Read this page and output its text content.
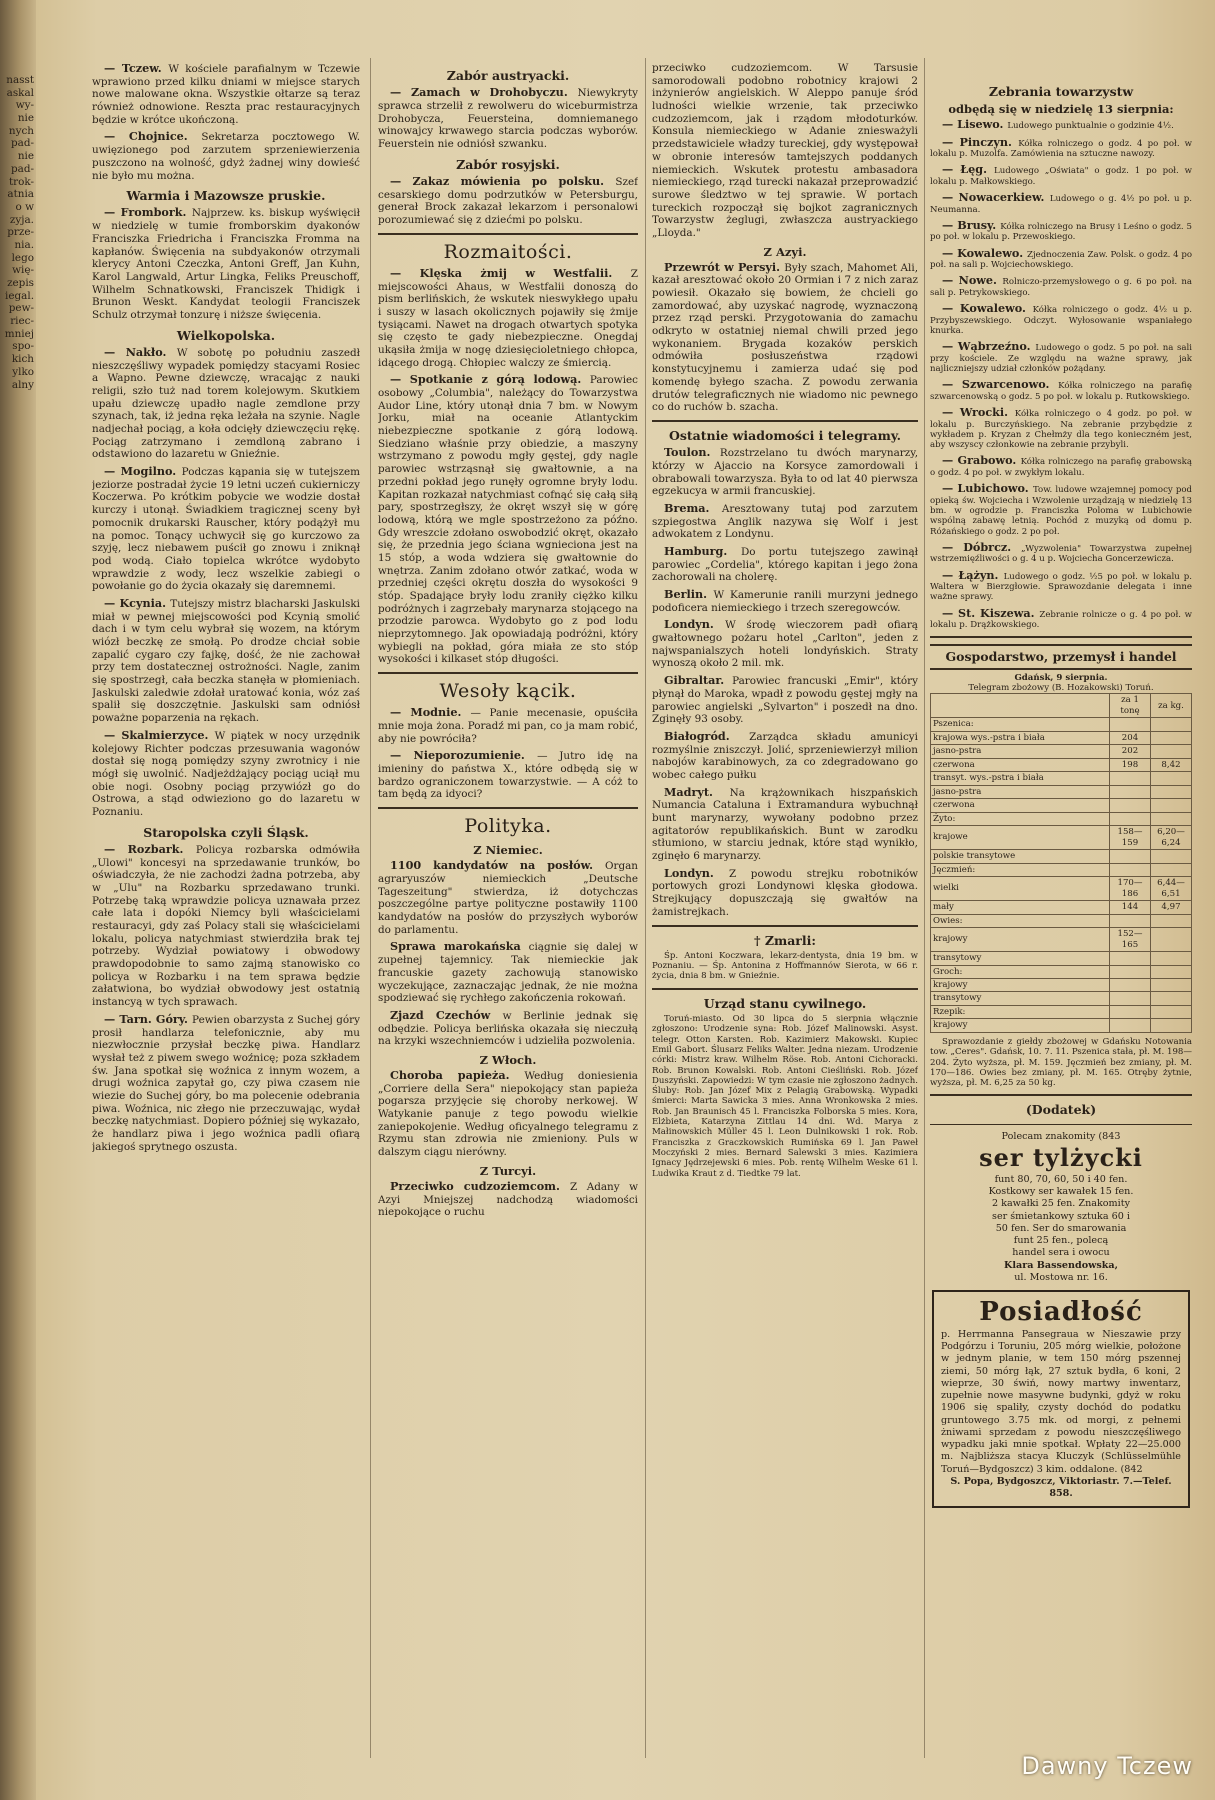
nasst
askal
wy-
nie
nych
pad-
nie
pad-
trok-
atnia
o w
zyja.
prze-
nia.
lego
wię-
zepis
iegal.
pew-
riec-
mniej
spo-
kich
ylko
alny
— Tczew. W kościele parafialnym w Tczewie wprawiono przed kilku dniami w miejsce starych nowe malowane okna. Wszystkie ołtarze są teraz również odnowione. Reszta prac restauracyjnych będzie w krótce ukończoną.
— Chojnice. Sekretarza pocztowego W. uwięzionego pod zarzutem sprzeniewierzenia puszczono na wolność, gdyż żadnej winy dowieść nie było mu można.
Warmia i Mazowsze pruskie.
— Frombork. Najprzew. ks. biskup wyświęcił w niedzielę w tumie fromborskim dyakonów Franciszka Friedricha i Franciszka Fromma na kapłanów. Święcenia na subdyakonów otrzymali klerycy Antoni Czeczka, Antoni Greff, Jan Kuhn, Karol Langwald, Artur Lingka, Feliks Preuschoff, Wilhelm Schnatkowski, Franciszek Thidigk i Brunon Weskt. Kandydat teologii Franciszek Schulz otrzymał tonzurę i niższe święcenia.
Wielkopolska.
— Nakło. W sobotę po południu zaszedł nieszczęśliwy wypadek pomiędzy stacyami Rosiec a Wapno. Pewne dziewczę, wracając z nauki religii, szło tuż nad torem kolejowym. Skutkiem upału dziewczę upadło nagle zemdlone przy szynach, tak, iż jedna ręka leżała na szynie. Nagle nadjechał pociąg, a koła odcięły dziewczęciu rękę. Pociąg zatrzymano i zemdloną zabrano i odstawiono do lazaretu w Gnieźnie.
— Mogilno. Podczas kąpania się w tutejszem jeziorze postradał życie 19 letni uczeń cukierniczy Koczerwa. Po krótkim pobycie we wodzie dostał kurczy i utonął. Świadkiem tragicznej sceny był pomocnik drukarski Rauscher, który podążył mu na pomoc. Tonący uchwycił się go kurczowo za szyję, lecz niebawem puścił go znowu i zniknął pod wodą. Ciało topielca wkrótce wydobyto wprawdzie z wody, lecz wszelkie zabiegi o powołanie go do życia okazały się daremnemi.
— Kcynia. Tutejszy mistrz blacharski Jaskulski miał w pewnej miejscowości pod Kcynią smolić dach i w tym celu wybrał się wozem, na którym wiózł beczkę ze smołą. Po drodze chciał sobie zapalić cygaro czy fajkę, dość, że nie zachował przy tem dostatecznej ostrożności. Nagle, zanim się spostrzegł, cała beczka stanęła w płomieniach. Jaskulski zaledwie zdołał uratować konia, wóz zaś spalił się doszczętnie. Jaskulski sam odniósł poważne poparzenia na rękach.
— Skalmierzyce. W piątek w nocy urzędnik kolejowy Richter podczas przesuwania wagonów dostał się nogą pomiędzy szyny zwrotnicy i nie mógł się uwolnić. Nadjeżdżający pociąg uciął mu obie nogi. Osobny pociąg przywiózł go do Ostrowa, a stąd odwieziono go do lazaretu w Poznaniu.
Staropolska czyli Śląsk.
— Rozbark. Policya rozbarska odmówiła „Ulowi" koncesyi na sprzedawanie trunków, bo oświadczyła, że nie zachodzi żadna potrzeba, aby w „Ulu" na Rozbarku sprzedawano trunki. Potrzebę taką wprawdzie policya uznawała przez całe lata i dopóki Niemcy byli właścicielami restauracyi, gdy zaś Polacy stali się właścicielami lokalu, policya natychmiast stwierdziła brak tej potrzeby. Wydział powiatowy i obwodowy prawdopodobnie to samo zajmą stanowisko co policya w Rozbarku i na tem sprawa będzie załatwiona, bo wydział obwodowy jest ostatnią instancyą w tych sprawach.
— Tarn. Góry. Pewien obarzysta z Suchej góry prosił handlarza telefonicznie, aby mu niezwłocznie przysłał beczkę piwa. Handlarz wysłał też z piwem swego woźnicę; poza szkładem św. Jana spotkał się woźnica z innym wozem, a drugi woźnica zapytał go, czy piwa czasem nie wiezie do Suchej góry, bo ma polecenie odebrania piwa. Woźnica, nic złego nie przeczuwając, wydał beczkę natychmiast. Dopiero później się wykazało, że handlarz piwa i jego woźnica padli ofiarą jakiegoś sprytnego oszusta.
Zabór austryacki.
— Zamach w Drohobyczu. Niewykryty sprawca strzelił z rewolweru do wiceburmistrza Drohobycza, Feuersteina, domniemanego winowajcy krwawego starcia podczas wyborów. Feuerstein nie odniósł szwanku.
Zabór rosyjski.
— Zakaz mówienia po polsku. Szef cesarskiego domu podrzutków w Petersburgu, generał Brock zakazał lekarzom i personalowi porozumiewać się z dziećmi po polsku.
Rozmaitości.
— Klęska żmij w Westfalii. Z miejscowości Ahaus, w Westfalii donoszą do pism berlińskich, że wskutek nieswykłego upału i suszy w lasach okolicznych pojawiły się żmije tysiącami. Nawet na drogach otwartych spotyka się często te gady niebezpieczne. Onegdaj ukąsiła żmija w nogę dziesięcioletniego chłopca, idącego drogą. Chłopiec walczy ze śmiercią.
— Spotkanie z górą lodową. Parowiec osobowy „Columbia", należący do Towarzystwa Audor Line, który utonął dnia 7 bm. w Nowym Jorku, miał na oceanie Atlantyckim niebezpieczne spotkanie z górą lodową. Siedziano właśnie przy obiedzie, a maszyny wstrzymano z powodu mgły gęstej, gdy nagle parowiec wstrząsnął się gwałtownie, a na przedni pokład jego runęły ogromne bryły lodu. Kapitan rozkazał natychmiast cofnąć się całą siłą pary, spostrzegłszy, że okręt wszył się w górę lodową, którą we mgle spostrzeżono za późno. Gdy wreszcie zdołano oswobodzić okręt, okazało się, że przednia jego ściana wgnieciona jest na 15 stóp, a woda wdziera się gwałtownie do wnętrza. Zanim zdołano otwór zatkać, woda w przedniej części okrętu doszła do wysokości 9 stóp. Spadające bryły lodu zraniły ciężko kilku podróżnych i zagrzebały marynarza stojącego na przodzie parowca. Wydobyto go z pod lodu nieprzytomnego. Jak opowiadają podróżni, który wybiegli na pokład, góra miała ze sto stóp wysokości i kilkaset stóp długości.
Wesoły kącik.
— Modnie. — Panie mecenasie, opuściła mnie moja żona. Poradź mi pan, co ja mam robić, aby nie powróciła?
— Nieporozumienie. — Jutro idę na imieniny do państwa X., które odbędą się w bardzo ograniczonem towarzystwie. — A cóż to tam będą za idyoci?
Polityka.
Z Niemiec.
1100 kandydatów na posłów. Organ agraryuszów niemieckich „Deutsche Tageszeitung" stwierdza, iż dotychczas poszczególne partye polityczne postawiły 1100 kandydatów na posłów do przyszłych wyborów do parlamentu.
Sprawa marokańska ciągnie się dalej w zupełnej tajemnicy. Tak niemieckie jak francuskie gazety zachowują stanowisko wyczekujące, zaznaczając jednak, że nie można spodziewać się rychłego zakończenia rokowań.
Zjazd Czechów w Berlinie jednak się odbędzie. Policya berlińska okazała się nieczułą na krzyki wszechniemców i udzieliła pozwolenia.
Z Włoch.
Choroba papieża. Według doniesienia „Corriere della Sera" niepokojący stan papieża pogarsza przyjęcie się choroby nerkowej. W Watykanie panuje z tego powodu wielkie zaniepokojenie. Według oficyalnego telegramu z Rzymu stan zdrowia nie zmieniony. Puls w dalszym ciągu nierówny.
Z Turcyi.
Przeciwko cudzoziemcom. Z Adany w Azyi Mniejszej nadchodzą wiadomości niepokojące o ruchu
przeciwko cudzoziemcom. W Tarsusie samorodowali podobno robotnicy krajowi 2 inżynierów angielskich. W Aleppo panuje śród ludności wielkie wrzenie, tak przeciwko cudzoziemcom, jak i rządom młodoturków. Konsula niemieckiego w Adanie zniesważyli przedstawiciele władzy tureckiej, gdy występował w obronie interesów tamtejszych poddanych niemieckich. Wskutek protestu ambasadora niemieckiego, rząd turecki nakazał przeprowadzić surowe śledztwo w tej sprawie. W portach tureckich rozpoczął się bojkot zagranicznych Towarzystw żeglugi, zwłaszcza austryackiego „Lloyda."
Z Azyi.
Przewrót w Persyi. Były szach, Mahomet Ali, kazał aresztować około 20 Ormian i 7 z nich zaraz powiesił. Okazało się bowiem, że chcieli go zamordować, aby uzyskać nagrodę, wyznaczoną przez rząd perski. Przygotowania do zamachu odkryto w ostatniej niemal chwili przed jego wykonaniem. Brygada kozaków perskich odmówiła posłuszeństwa rządowi konstytucyjnemu i zamierza udać się pod komendę byłego szacha. Z powodu zerwania drutów telegraficznych nie wiadomo nic pewnego co do ruchów b. szacha.
Ostatnie wiadomości i telegramy.
Toulon. Rozstrzelano tu dwóch marynarzy, którzy w Ajaccio na Korsyce zamordowali i obrabowali towarzysza. Była to od lat 40 pierwsza egzekucya w armii francuskiej.
Brema. Aresztowany tutaj pod zarzutem szpiegostwa Anglik nazywa się Wolf i jest adwokatem z Londynu.
Hamburg. Do portu tutejszego zawinął parowiec „Cordelia", którego kapitan i jego żona zachorowali na cholerę.
Berlin. W Kamerunie ranili murzyni jednego podoficera niemieckiego i trzech szeregowców.
Londyn. W środę wieczorem padł ofiarą gwałtownego pożaru hotel „Carlton", jeden z najwspanialszych hoteli londyńskich. Straty wynoszą około 2 mil. mk.
Gibraltar. Parowiec francuski „Emir", który płynął do Maroka, wpadł z powodu gęstej mgły na parowiec angielski „Sylvarton" i poszedł na dno. Zginęły 93 osoby.
Białogród. Zarządca składu amunicyi rozmyślnie zniszczył. Jolić, sprzeniewierzył milion nabojów karabinowych, za co zdegradowano go wobec całego pułku
Madryt. Na krążownikach hiszpańskich Numancia Cataluna i Extramandura wybuchnął bunt marynarzy, wywołany podobno przez agitatorów republikańskich. Bunt w zarodku stłumiono, w starciu jednak, które stąd wynikło, zginęło 6 marynarzy.
Londyn. Z powodu strejku robotników portowych grozi Londynowi klęska głodowa. Strejkujący dopuszczają się gwałtów na żamistrejkach.
† Zmarli:
Śp. Antoni Koczwara, lekarz-dentysta, dnia 19 bm. w Poznaniu. — Śp. Antonina z Hoffmannów Sierota, w 66 r. życia, dnia 8 bm. w Gnieźnie.
Urząd stanu cywilnego.
Toruń-miasto. Od 30 lipca do 5 sierpnia włącznie zgłoszono: Urodzenie syna: Rob. Józef Malinowski. Asyst. telegr. Otton Karsten. Rob. Kazimierz Makowski. Kupiec Emil Gabort. Ślusarz Feliks Walter. Jedna niezam. Urodzenie córki: Mistrz kraw. Wilhelm Röse. Rob. Antoni Cichoracki. Rob. Brunon Kowalski. Rob. Antoni Cieśliński. Rob. Józef Duszyński. Zapowiedzi: W tym czasie nie zgłoszono żadnych. Śluby: Rob. Jan Józef Mix z Pelagią Grabowską. Wypadki śmierci: Marta Sawicka 3 mies. Anna Wronkowska 2 mies. Rob. Jan Braunisch 45 l. Franciszka Folborska 5 mies. Kora, Elżbieta, Katarzyna Zittlau 14 dni. Wd. Marya z Małinowskich Müller 45 l. Leon Dulnikowski 1 rok. Rob. Franciszka z Graczkowskich Rumińska 69 l. Jan Paweł Moczyński 2 mies. Bernard Salewski 3 mies. Kazimiera Ignacy Jędrzejewski 6 mies. Pob. rentę Wilhelm Weske 61 l. Ludwika Kraut z d. Tiedtke 79 lat.
Zebrania towarzystw
odbędą się w niedzielę 13 sierpnia:
— Lisewo. Ludowego punktualnie o godzinie 4½.
— Pinczyn. Kółka rolniczego o godz. 4 po poł. w lokalu p. Muzolfa. Zamówienia na sztuczne nawozy.
— Łęg. Ludowego „Oświata" o godz. 1 po poł. w lokalu p. Małkowskiego.
— Nowacerkiew. Ludowego o g. 4½ po poł. u p. Neumanna.
— Brusy. Kółka rolniczego na Brusy i Leśno o godz. 5 po poł. w lokalu p. Przewoskiego.
— Kowalewo. Zjednoczenia Zaw. Polsk. o godz. 4 po poł. na sali p. Wojciechowskiego.
— Nowe. Rolniczo-przemysłowego o g. 6 po poł. na sali p. Petrykowskiego.
— Kowalewo. Kółka rolniczego o godz. 4½ u p. Przybyszewskiego. Odczyt. Wyłosowanie wspaniałego knurka.
— Wąbrzeźno. Ludowego o godz. 5 po poł. na sali przy kościele. Ze względu na ważne sprawy, jak najliczniejszy udział członków pożądany.
— Szwarcenowo. Kółka rolniczego na parafię szwarcenowską o godz. 5 po poł. w lokalu p. Rutkowskiego.
— Wrocki. Kółka rolniczego o 4 godz. po poł. w lokalu p. Burczyńskiego. Na zebranie przybędzie z wykładem p. Kryzan z Chełmży dla tego konieczném jest, aby wszyscy członkowie na zebranie przybyli.
— Grabowo. Kółka rolniczego na parafię grabowską o godz. 4 po poł. w zwykłym lokalu.
— Lubichowo. Tow. ludowe wzajemnej pomocy pod opieką św. Wojciecha i Wzwolenie urządzają w niedzielę 13 bm. w ogrodzie p. Franciszka Poloma w Lubichowie wspólną zabawę letnią. Pochód z muzyką od domu p. Różańskiego o godz. 2 po poł.
— Dóbrcz. „Wyzwolenia" Towarzystwa zupełnej wstrzemięźliwości o g. 4 u p. Wojciecha Goncerzewicza.
— Łążyn. Ludowego o godz. ½5 po poł. w lokalu p. Waltera w Bierzgłowie. Sprawozdanie delegata i inne ważne sprawy.
— St. Kiszewa. Zebranie rolnicze o g. 4 po poł. w lokalu p. Drążkowskiego.
Gospodarstwo, przemysł i handel
Gdańsk, 9 sierpnia.
Telegram zbożowy (B. Hozakowski) Toruń.
	za 1 tonę	za kg.
Pszenica:		
krajowa wys.-pstra i biała	204	
jasno-pstra	202	
czerwona	198	8,42
transyt. wys.-pstra i biała		
jasno-pstra		
czerwona		
Żyto:		
krajowe	158—159	6,20—6,24
polskie transytowe		
Jęczmień:		
wielki	170—186	6,44—6,51
mały	144	4,97
Owies:		
krajowy	152—165	
transytowy		
Groch:		
krajowy		
transytowy		
Rzepik:		
krajowy		
Sprawozdanie z giełdy zbożowej w Gdańsku Notowania tow. „Ceres". Gdańsk, 10. 7. 11. Pszenica stała, pł. M. 198—204. Żyto wyższa, pł. M. 159. Jęczmień bez zmiany, pł. M. 170—186. Owies bez zmiany, pł. M. 165. Otręby żytnie, wyższa, pł. M. 6,25 za 50 kg.
(Dodatek)
Polecam znakomity (843
ser tylżycki
funt 80, 70, 60, 50 i 40 fen.
Kostkowy ser kawałek 15 fen.
2 kawałki 25 fen. Znakomity
ser śmietankowy sztuka 60 i
50 fen. Ser do smarowania
funt 25 fen., polecą
handel sera i owocu
Klara Bassendowska,
ul. Mostowa nr. 16.
Posiadłość
p. Herrmanna Pansegraua w Nieszawie przy Podgórzu i Toruniu, 205 mórg wielkie, położone w jednym planie, w tem 150 mórg pszennej ziemi, 50 mórg łąk, 27 sztuk bydła, 6 koni, 2 wieprze, 30 świń, nowy martwy inwentarz, zupełnie nowe masywne budynki, gdyż w roku 1906 się spaliły, czysty dochód do podatku gruntowego 3.75 mk. od morgi, z pełnemi żniwami sprzedam z powodu nieszczęśliwego wypadku jaki mnie spotkał. Wpłaty 22—25.000 m. Najbliższa stacya Kluczyk (Schlüsselmühle Toruń—Bydgoszcz) 3 kim. oddalone. (842
S. Popa, Bydgoszcz, Viktoriastr. 7.—Telef. 858.
Dawny Tczew
